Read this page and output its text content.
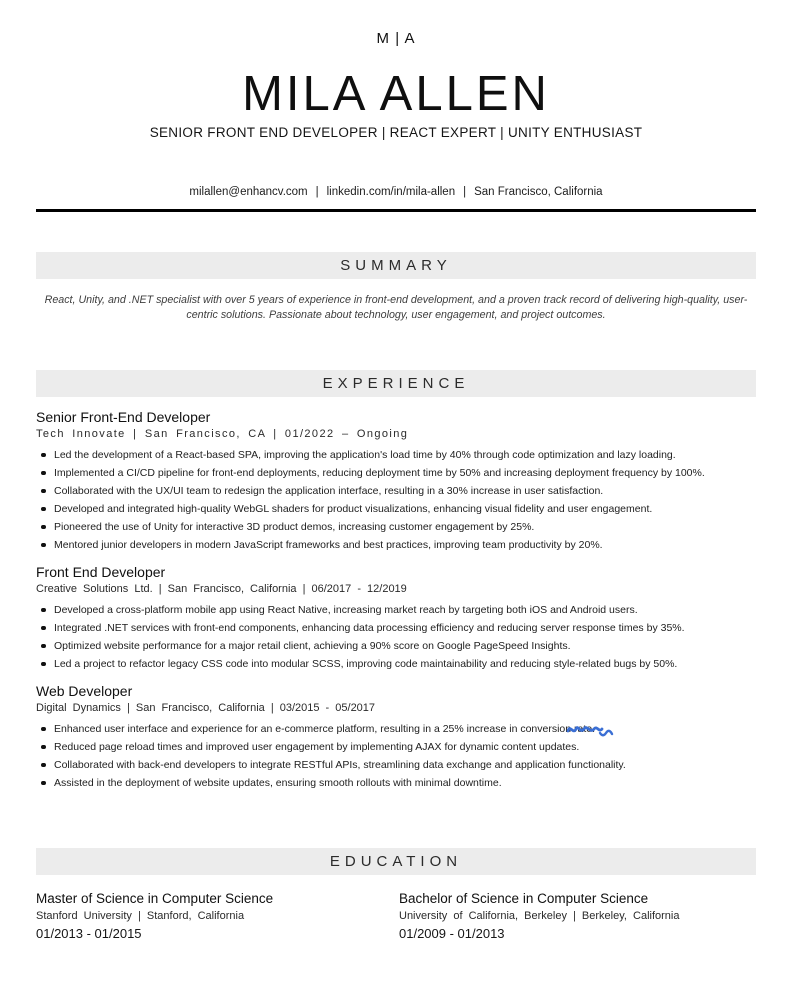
M | A
MILA ALLEN
SENIOR FRONT END DEVELOPER | REACT EXPERT | UNITY ENTHUSIAST
milallen@enhancv.com | linkedin.com/in/mila-allen | San Francisco, California
SUMMARY

React, Unity, and .NET specialist with over 5 years of experience in front-end development, and a proven track record of delivering high-quality, user-centric solutions. Passionate about technology, user engagement, and project outcomes.

EXPERIENCE
Senior Front-End Developer
Tech Innovate | San Francisco, CA | 01/2022 – Ongoing
Led the development of a React-based SPA, improving the application's load time by 40% through code optimization and lazy loading.
Implemented a CI/CD pipeline for front-end deployments, reducing deployment time by 50% and increasing deployment frequency by 100%.
Collaborated with the UX/UI team to redesign the application interface, resulting in a 30% increase in user satisfaction.
Developed and integrated high-quality WebGL shaders for product visualizations, enhancing visual fidelity and user engagement.
Pioneered the use of Unity for interactive 3D product demos, increasing customer engagement by 25%.
Mentored junior developers in modern JavaScript frameworks and best practices, improving team productivity by 20%.
Front End Developer
Creative Solutions Ltd. | San Francisco, California | 06/2017 - 12/2019
Developed a cross-platform mobile app using React Native, increasing market reach by targeting both iOS and Android users.
Integrated .NET services with front-end components, enhancing data processing efficiency and reducing server response times by 35%.
Optimized website performance for a major retail client, achieving a 90% score on Google PageSpeed Insights.
Led a project to refactor legacy CSS code into modular SCSS, improving code maintainability and reducing style-related bugs by 50%.
Web Developer
Digital Dynamics | San Francisco, California | 03/2015 - 05/2017
Enhanced user interface and experience for an e-commerce platform, resulting in a 25% increase in conversion rate.
Reduced page reload times and improved user engagement by implementing AJAX for dynamic content updates.
Collaborated with back-end developers to integrate RESTful APIs, streamlining data exchange and application functionality.
Assisted in the deployment of website updates, ensuring smooth rollouts with minimal downtime.
EDUCATION
Master of Science in Computer Science
Stanford University | Stanford, California
01/2013 - 01/2015
Bachelor of Science in Computer Science
University of California, Berkeley | Berkeley, California
01/2009 - 01/2013
